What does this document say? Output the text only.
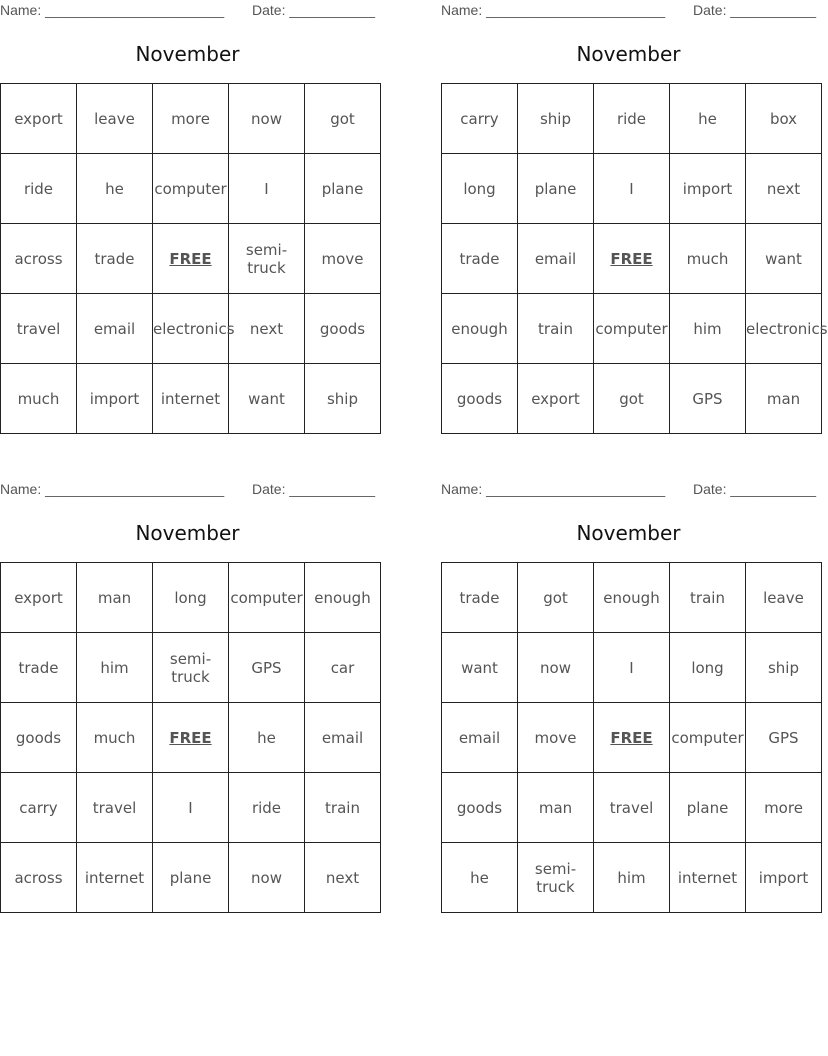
Name: _______________________ Date: ___________
November
export	leave	more	now	got
ride	he	computer	I	plane
across	trade	FREE	semi-truck	move
travel	email	electronics	next	goods
much	import	internet	want	ship
Name: _______________________ Date: ___________
November
carry	ship	ride	he	box
long	plane	I	import	next
trade	email	FREE	much	want
enough	train	computer	him	electronics
goods	export	got	GPS	man
Name: _______________________ Date: ___________
November
export	man	long	computer	enough
trade	him	semi-truck	GPS	car
goods	much	FREE	he	email
carry	travel	I	ride	train
across	internet	plane	now	next
Name: _______________________ Date: ___________
November
trade	got	enough	train	leave
want	now	I	long	ship
email	move	FREE	computer	GPS
goods	man	travel	plane	more
he	semi-truck	him	internet	import
